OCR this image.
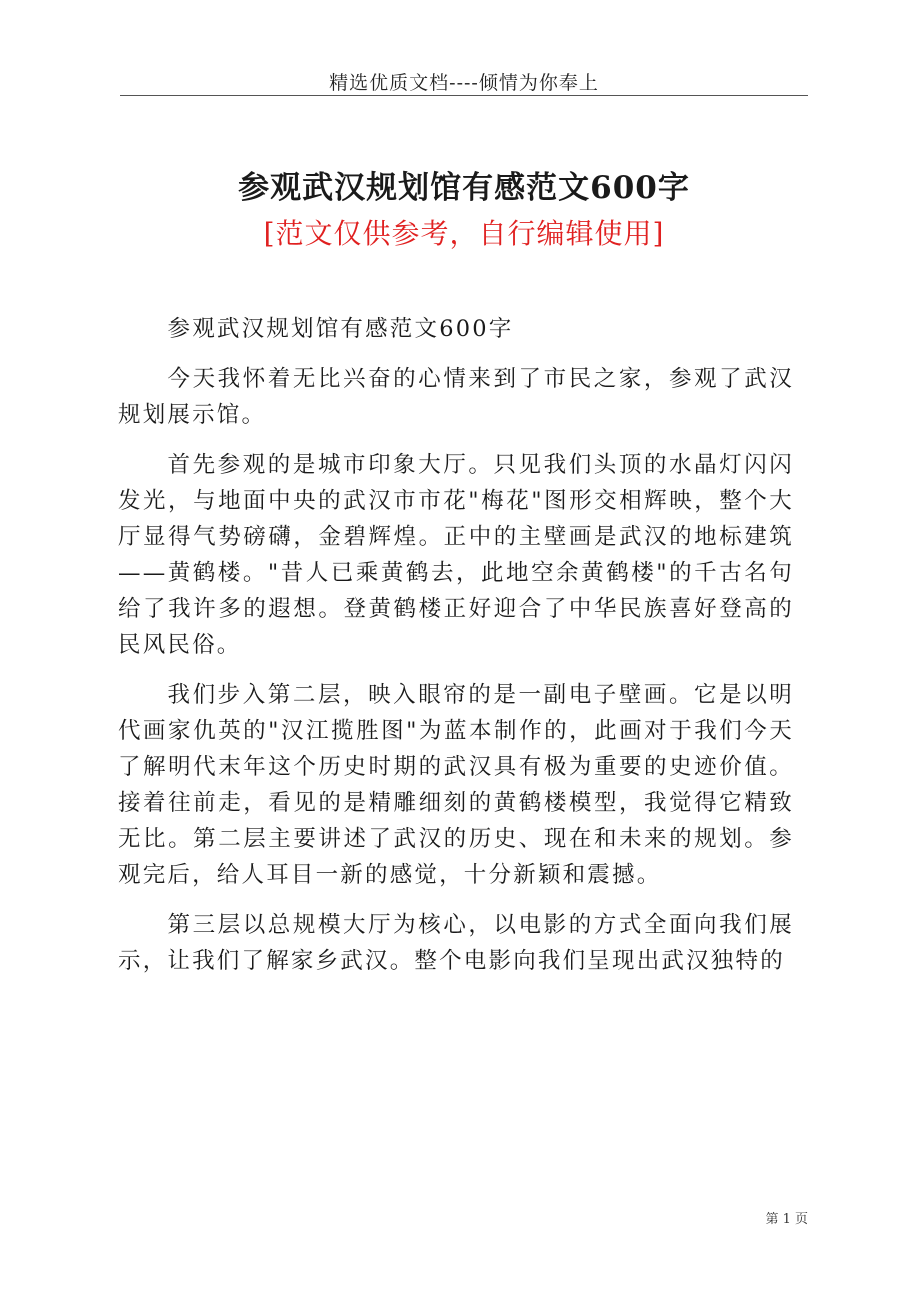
精选优质文档----倾情为你奉上
参观武汉规划馆有感范文600字
[范文仅供参考，自行编辑使用]

参观武汉规划馆有感范文600字

今天我怀着无比兴奋的心情来到了市民之家，参观了武汉规划展示馆。

首先参观的是城市印象大厅。只见我们头顶的水晶灯闪闪发光，与地面中央的武汉市市花"梅花"图形交相辉映，整个大厅显得气势磅礴，金碧辉煌。正中的主壁画是武汉的地标建筑——黄鹤楼。"昔人已乘黄鹤去，此地空余黄鹤楼"的千古名句给了我许多的遐想。登黄鹤楼正好迎合了中华民族喜好登高的民风民俗。

我们步入第二层，映入眼帘的是一副电子壁画。它是以明代画家仇英的"汉江揽胜图"为蓝本制作的，此画对于我们今天了解明代末年这个历史时期的武汉具有极为重要的史迹价值。接着往前走，看见的是精雕细刻的黄鹤楼模型，我觉得它精致无比。第二层主要讲述了武汉的历史、现在和未来的规划。参观完后，给人耳目一新的感觉，十分新颖和震撼。

第三层以总规模大厅为核心，以电影的方式全面向我们展示，让我们了解家乡武汉。整个电影向我们呈现出武汉独特的

第 1 页
